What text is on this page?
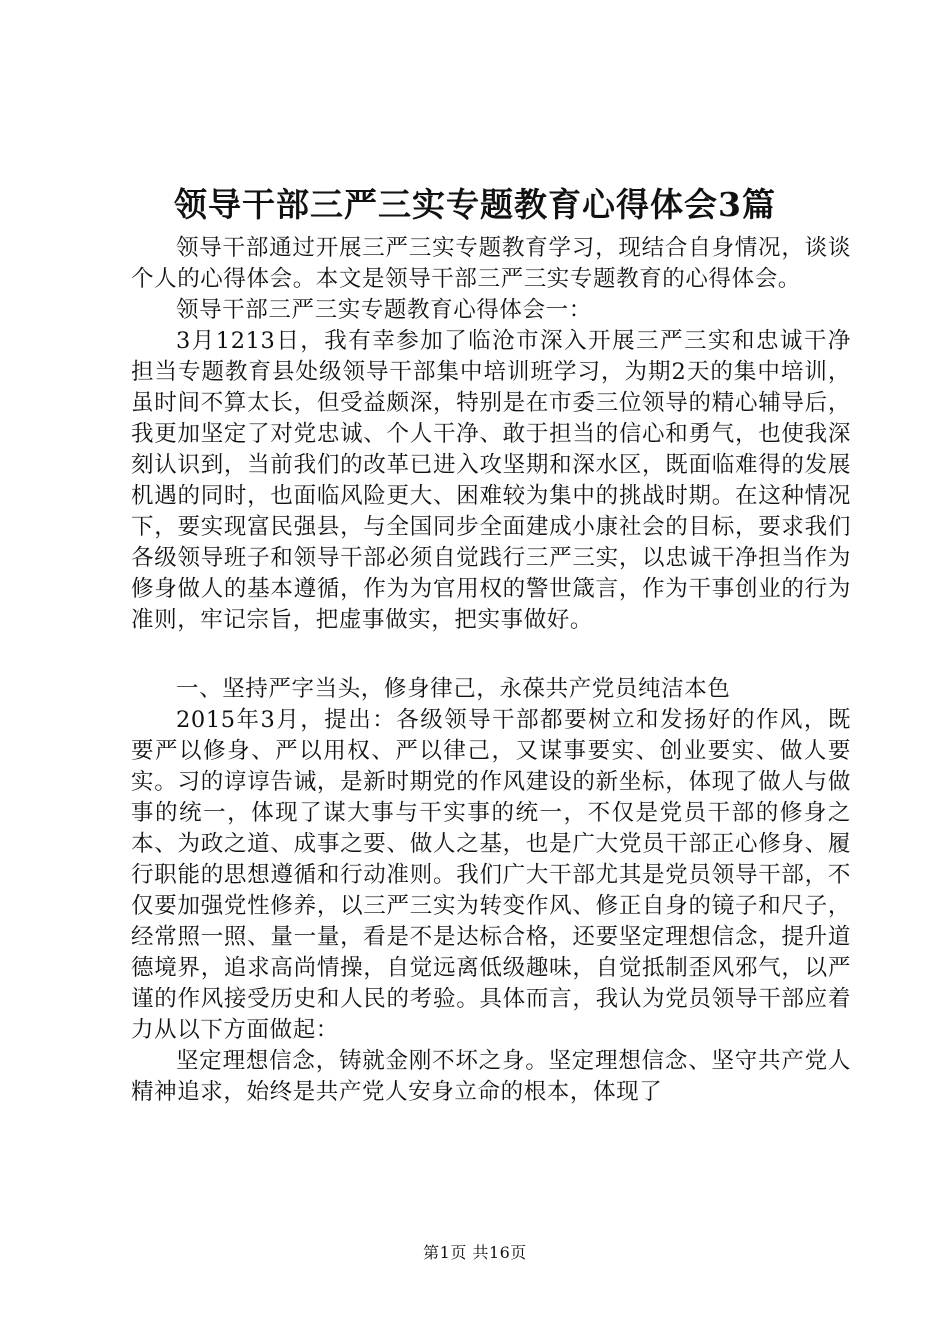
领导干部三严三实专题教育心得体会3篇

领导干部通过开展三严三实专题教育学习，现结合自身情况，谈谈个人的心得体会。本文是领导干部三严三实专题教育的心得体会。

领导干部三严三实专题教育心得体会一：

3月1213日，我有幸参加了临沧市深入开展三严三实和忠诚干净担当专题教育县处级领导干部集中培训班学习，为期2天的集中培训，虽时间不算太长，但受益颇深，特别是在市委三位领导的精心辅导后，我更加坚定了对党忠诚、个人干净、敢于担当的信心和勇气，也使我深刻认识到，当前我们的改革已进入攻坚期和深水区，既面临难得的发展机遇的同时，也面临风险更大、困难较为集中的挑战时期。在这种情况下，要实现富民强县，与全国同步全面建成小康社会的目标，要求我们各级领导班子和领导干部必须自觉践行三严三实，以忠诚干净担当作为修身做人的基本遵循，作为为官用权的警世箴言，作为干事创业的行为准则，牢记宗旨，把虚事做实，把实事做好。

一、坚持严字当头，修身律己，永葆共产党员纯洁本色

2015年3月，提出：各级领导干部都要树立和发扬好的作风，既要严以修身、严以用权、严以律己，又谋事要实、创业要实、做人要实。习的谆谆告诫，是新时期党的作风建设的新坐标，体现了做人与做事的统一，体现了谋大事与干实事的统一，不仅是党员干部的修身之本、为政之道、成事之要、做人之基，也是广大党员干部正心修身、履行职能的思想遵循和行动准则。我们广大干部尤其是党员领导干部，不仅要加强党性修养，以三严三实为转变作风、修正自身的镜子和尺子，经常照一照、量一量，看是不是达标合格，还要坚定理想信念，提升道德境界，追求高尚情操，自觉远离低级趣味，自觉抵制歪风邪气，以严谨的作风接受历史和人民的考验。具体而言，我认为党员领导干部应着力从以下方面做起：

坚定理想信念，铸就金刚不坏之身。坚定理想信念、坚守共产党人精神追求，始终是共产党人安身立命的根本，体现了

第1页 共16页
